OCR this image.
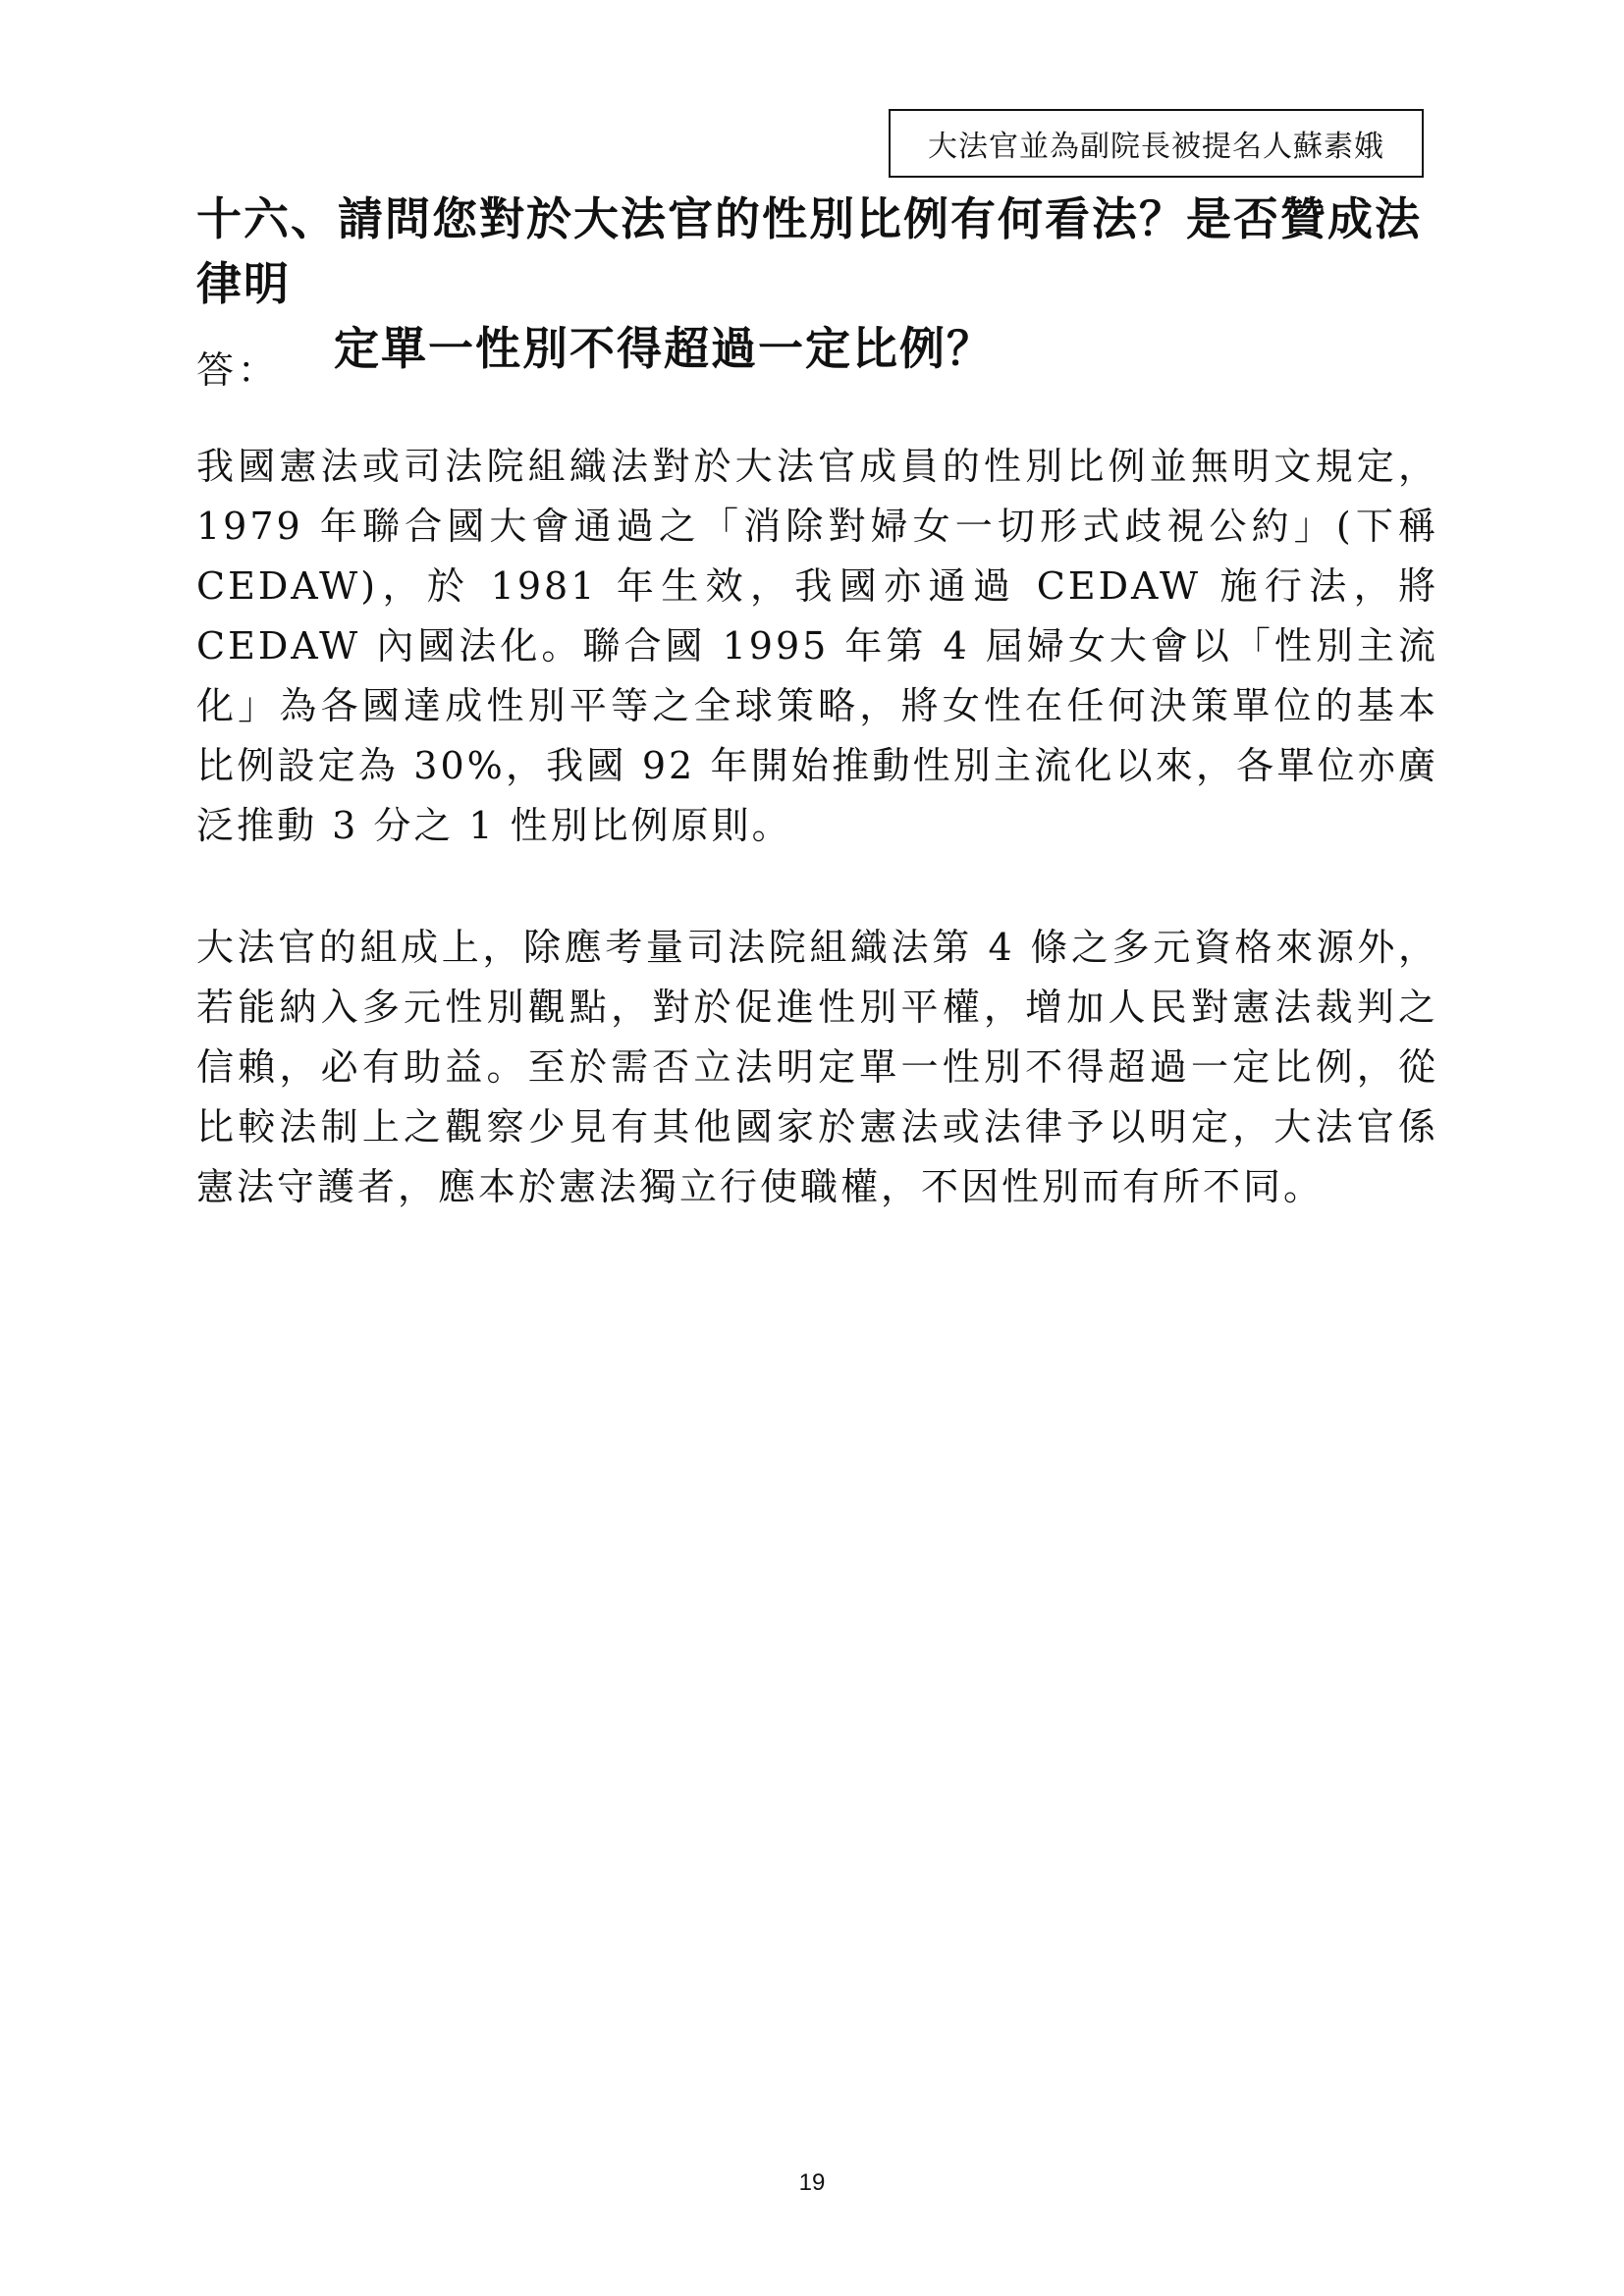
大法官並為副院長被提名人蘇素娥
十六、請問您對於大法官的性別比例有何看法？是否贊成法律明
定單一性別不得超過一定比例？
答：
我國憲法或司法院組織法對於大法官成員的性別比例並無明文規定，1979 年聯合國大會通過之「消除對婦女一切形式歧視公約」(下稱 CEDAW)，於 1981 年生效，我國亦通過 CEDAW 施行法，將CEDAW 內國法化。聯合國 1995 年第 4 屆婦女大會以「性別主流化」為各國達成性別平等之全球策略，將女性在任何決策單位的基本比例設定為 30%，我國 92 年開始推動性別主流化以來，各單位亦廣泛推動 3 分之 1 性別比例原則。
大法官的組成上，除應考量司法院組織法第 4 條之多元資格來源外，若能納入多元性別觀點，對於促進性別平權，增加人民對憲法裁判之信賴，必有助益。至於需否立法明定單一性別不得超過一定比例，從比較法制上之觀察少見有其他國家於憲法或法律予以明定，大法官係憲法守護者，應本於憲法獨立行使職權，不因性別而有所不同。
19
